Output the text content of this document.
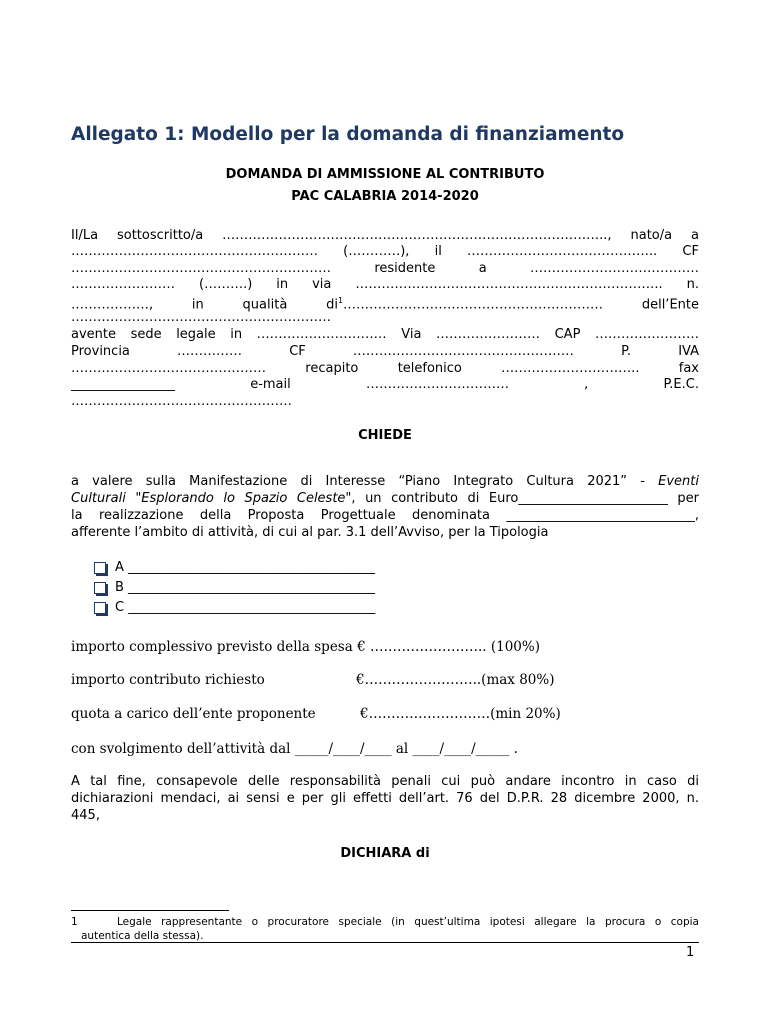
Allegato 1: Modello per la domanda di finanziamento
DOMANDA DI AMMISSIONE AL CONTRIBUTO
PAC CALABRIA 2014-2020
Il/La sottoscritto/a …………………………………………………………………………….., nato/a a
………………………………………………… (…………), il …………………………………….. CF
…………………………………………………… residente a …………………………………
…………………… (……….) in via …………………………………………………………….. n.
………………, in qualità $di^1\dots\dots\dots\dots\dots\dots\dots\dots\dots\dots\dots\dots\dots\dots\dots\dots\dots\dots\dots\dots$ dell’Ente
……………………………………………………
avente sede legale in ………………………… Via …………………… CAP ……………………
Provincia …………… CF …………………………………………… P. IVA
……………………………………… recapito telefonico ………………………….. fax
________________ e-mail …………………………… , P.E.C.
……………………………………………
CHIEDE
a valere sulla Manifestazione di Interesse “Piano Integrato Cultura 2021” - Eventi
Culturali "Esplorando lo Spazio Celeste", un contributo di Euro_______________________ per
la realizzazione della Proposta Progettuale denominata _____________________________,
afferente l’ambito di attività, di cui al par. 3.1 dell’Avviso, per la Tipologia
A ______________________________________
B ______________________________________
C ______________________________________
importo complessivo previsto della spesa € …………………….. (100%)
importo contributo richiesto	€……………………..(max 80%)
quota a carico dell’ente proponente	€………………………(min 20%)
con svolgimento dell’attività dal _____/____/____ al ____/____/_____ .
A tal fine, consapevole delle responsabilità penali cui può andare incontro in caso di
dichiarazioni mendaci, ai sensi e per gli effetti dell’art. 76 del D.P.R. 28 dicembre 2000, n.
445,
DICHIARA di
1	Legale rappresentante o procuratore speciale (in quest’ultima ipotesi allegare la procura o copia
autentica della stessa).
1
